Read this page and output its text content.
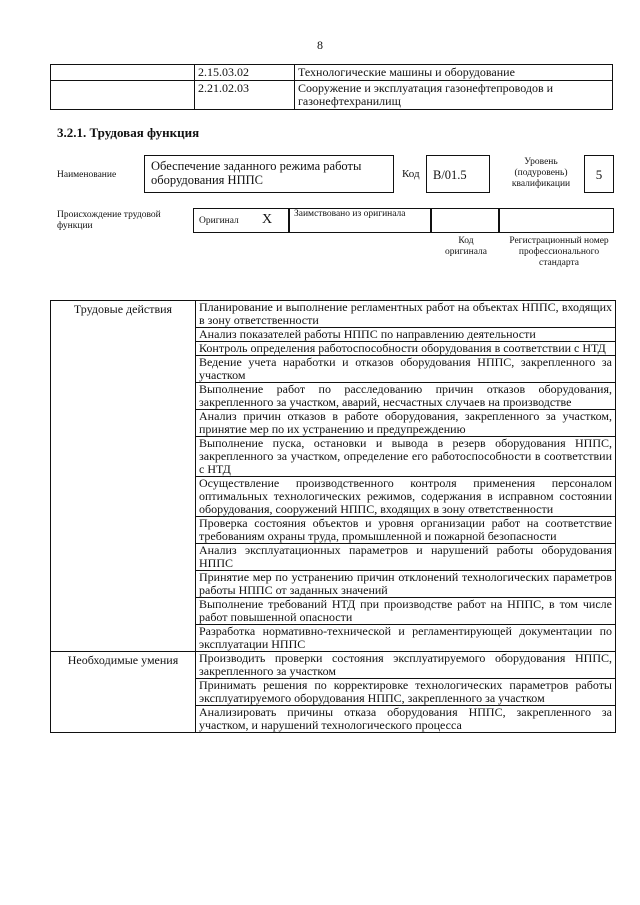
8
	2.15.03.02	Технологические машины и оборудование
	2.21.02.03	Сооружение и эксплуатация газонефтепроводов и газонефтехранилищ
3.2.1. Трудовая функция
Наименование
Обеспечение заданного режима работы оборудования НППС	Код	В/01.5
Уровень (подуровень) квалификации
5
Происхождение трудовой функции	Оригинал X Заимствовано из оригинала
Код оригинала
Регистрационный номер профессионального стандарта
Трудовые действия	Планирование и выполнение регламентных работ на объектах НППС, входящих в зону ответственности
	Анализ показателей работы НППС по направлению деятельности
	Контроль определения работоспособности оборудования в соответствии с НТД
	Ведение учета наработки и отказов оборудования НППС, закрепленного за участком
	Выполнение работ по расследованию причин отказов оборудования, закрепленного за участком, аварий, несчастных случаев на производстве
	Анализ причин отказов в работе оборудования, закрепленного за участком, принятие мер по их устранению и предупреждению
	Выполнение пуска, остановки и вывода в резерв оборудования НППС, закрепленного за участком, определение его работоспособности в соответствии с НТД
	Осуществление производственного контроля применения персоналом оптимальных технологических режимов, содержания в исправном состоянии оборудования, сооружений НППС, входящих в зону ответственности
	Проверка состояния объектов и уровня организации работ на соответствие требованиям охраны труда, промышленной и пожарной безопасности
	Анализ эксплуатационных параметров и нарушений работы оборудования НППС
	Принятие мер по устранению причин отклонений технологических параметров работы НППС от заданных значений
	Выполнение требований НТД при производстве работ на НППС, в том числе работ повышенной опасности
	Разработка нормативно-технической и регламентирующей документации по эксплуатации НППС
Необходимые умения	Производить проверки состояния эксплуатируемого оборудования НППС, закрепленного за участком
	Принимать решения по корректировке технологических параметров работы эксплуатируемого оборудования НППС, закрепленного за участком
	Анализировать причины отказа оборудования НППС, закрепленного за участком, и нарушений технологического процесса
